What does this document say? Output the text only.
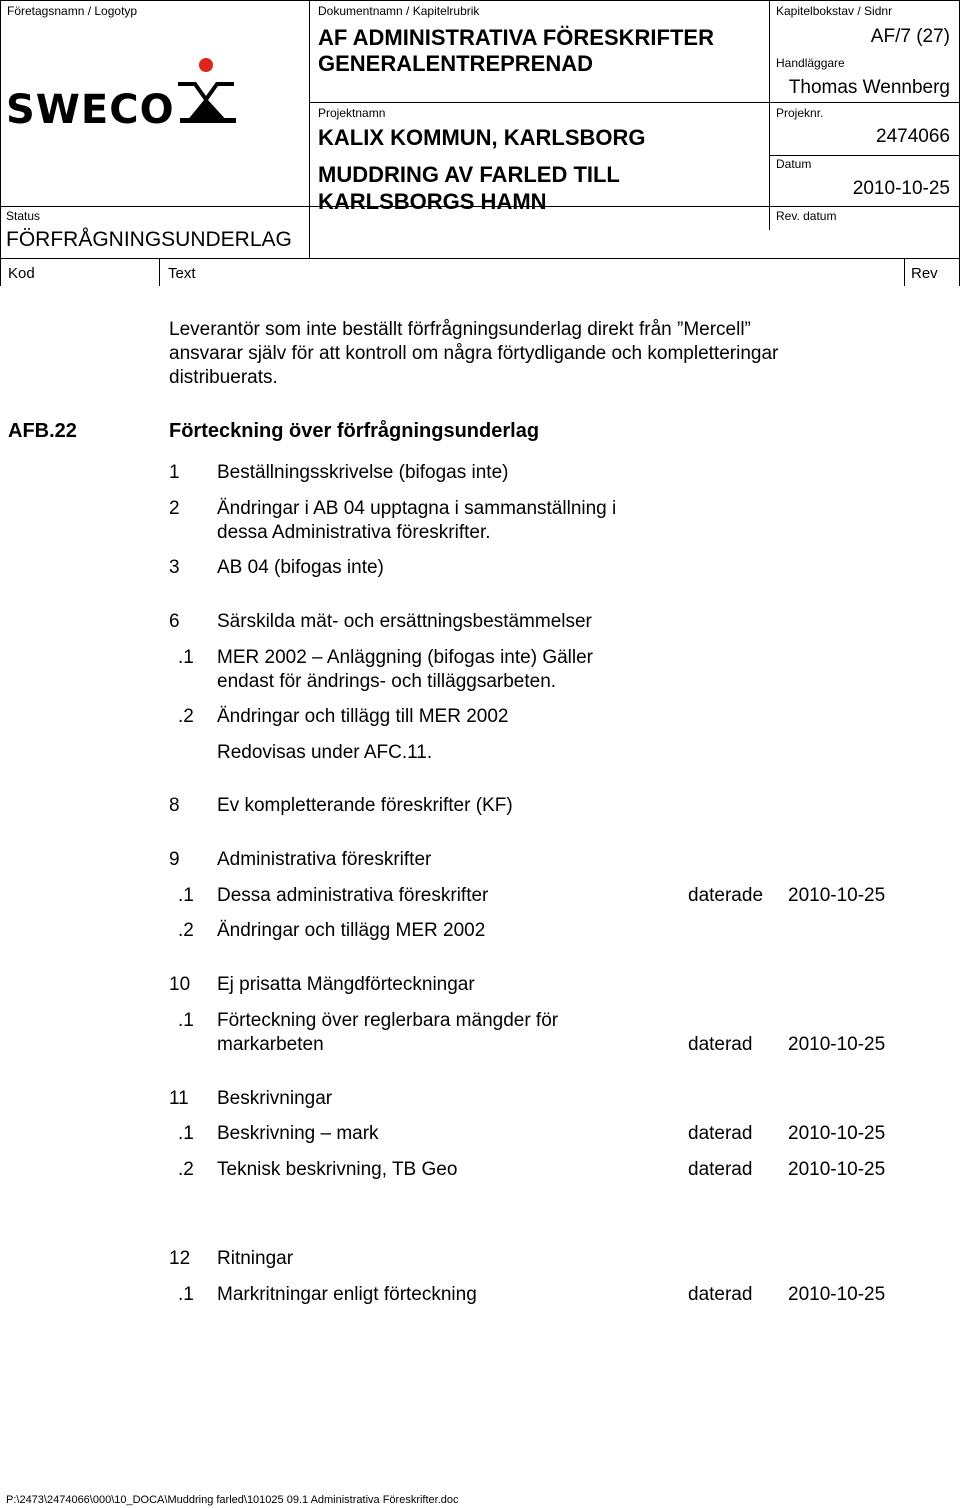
Företagsnamn / Logotyp
SWECO
Status
FÖRFRÅGNINGSUNDERLAG
Dokumentnamn / Kapitelrubrik
AF ADMINISTRATIVA FÖRESKRIFTER
GENERALENTREPRENAD
Projektnamn
KALIX KOMMUN, KARLSBORG
MUDDRING AV FARLED TILL
KARLSBORGS HAMN
Kapitelbokstav / Sidnr
AF/7 (27)
Handläggare
Thomas Wennberg
Projeknr.
2474066
Datum
2010-10-25
Rev. datum
Kod	Text	Rev
Leverantör som inte beställt förfrågningsunderlag direkt från ”Mercell”
ansvarar själv för att kontroll om några förtydligande och kompletteringar
distribuerats.
AFB.22	Förteckning över förfrågningsunderlag
1 Beställningsskrivelse (bifogas inte)
2 Ändringar i AB 04 upptagna i sammanställning i
dessa Administrativa föreskrifter.
3 AB 04 (bifogas inte)
6 Särskilda mät- och ersättningsbestämmelser
.1 MER 2002 – Anläggning (bifogas inte) Gäller
endast för ändrings- och tilläggsarbeten.
.2 Ändringar och tillägg till MER 2002
Redovisas under AFC.11.
8 Ev kompletterande föreskrifter (KF)
9 Administrativa föreskrifter
.1 Dessa administrativa föreskrifter	daterade 2010-10-25
.2 Ändringar och tillägg MER 2002
10 Ej prisatta Mängdförteckningar
.1 Förteckning över reglerbara mängder för
markarbeten	daterad 2010-10-25
11 Beskrivningar
.1 Beskrivning – mark	daterad 2010-10-25
.2 Teknisk beskrivning, TB Geo	daterad 2010-10-25
12 Ritningar
.1 Markritningar enligt förteckning	daterad 2010-10-25
P:\2473\2474066\000\10_DOCA\Muddring farled\101025 09.1 Administrativa Föreskrifter.doc
